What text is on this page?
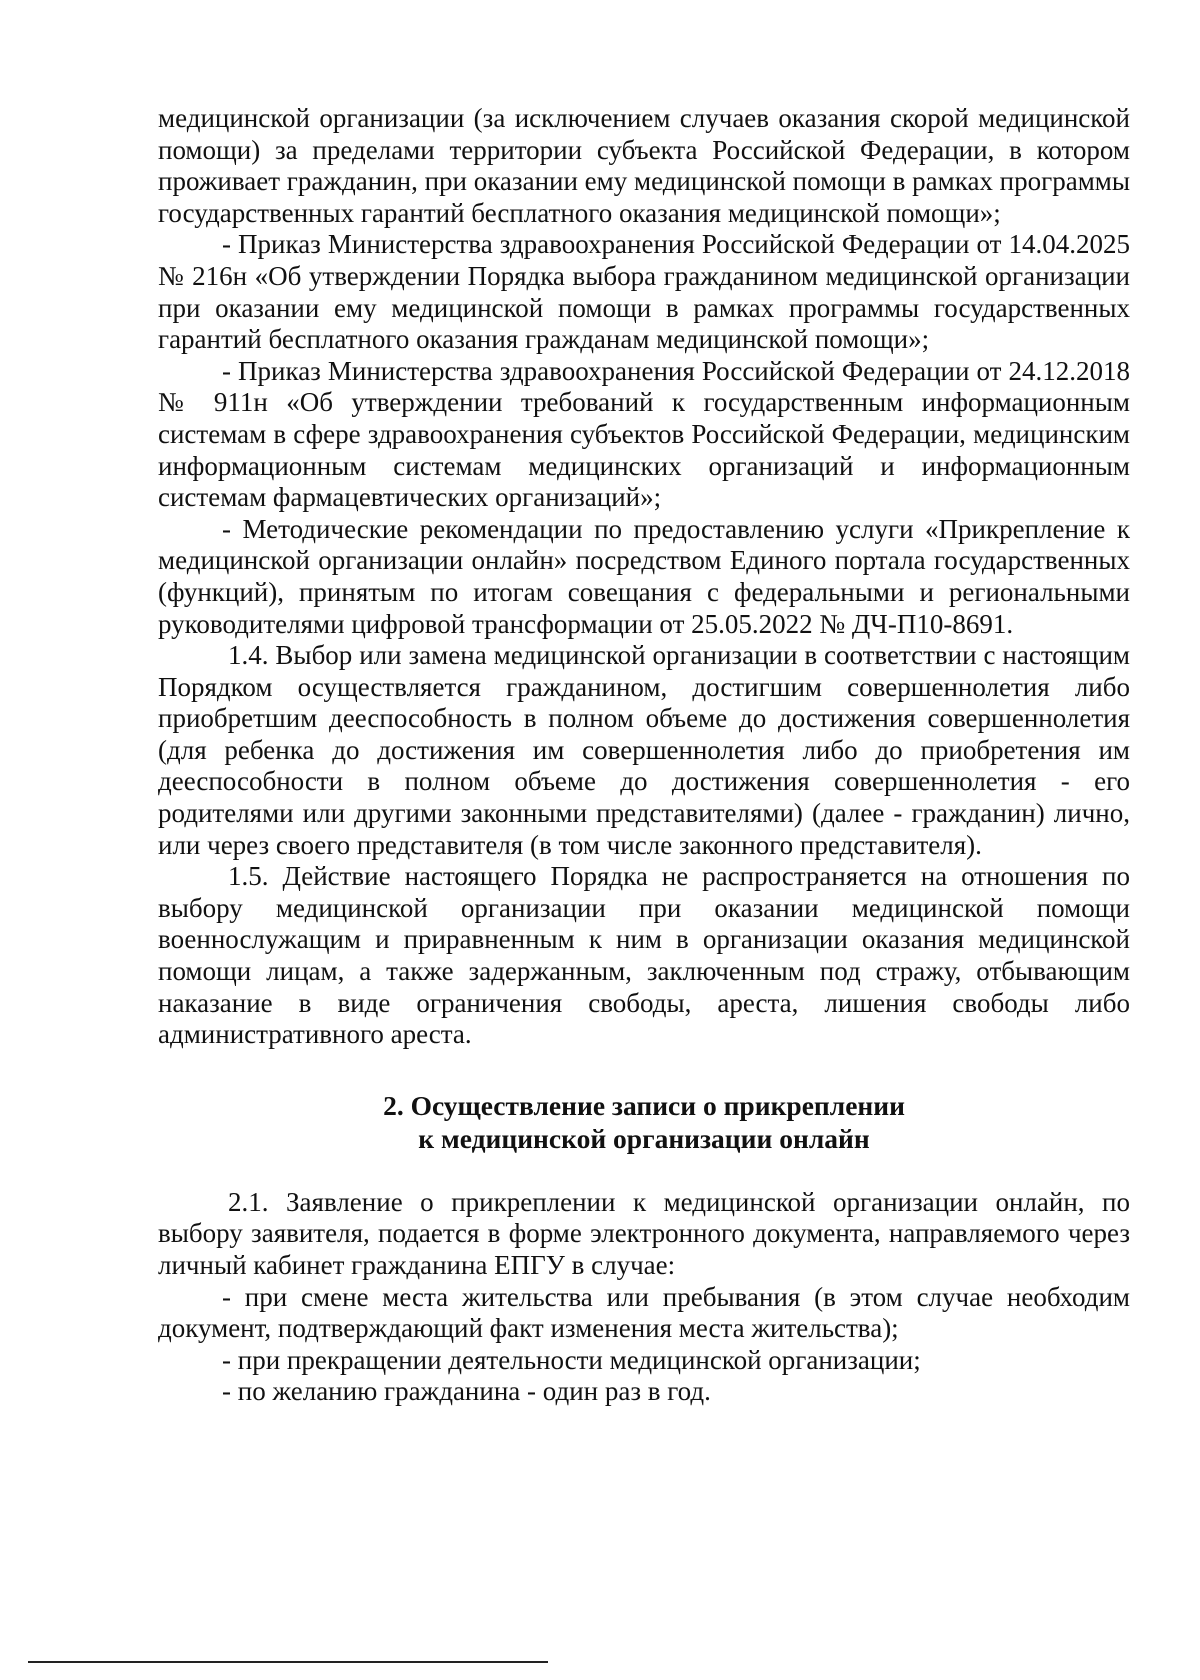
медицинской организации (за исключением случаев оказания скорой медицинской помощи) за пределами территории субъекта Российской Федерации, в котором проживает гражданин, при оказании ему медицинской помощи в рамках программы государственных гарантий бесплатного оказания медицинской помощи»;

- Приказ Министерства здравоохранения Российской Федерации от 14.04.2025 № 216н «Об утверждении Порядка выбора гражданином медицинской организации при оказании ему медицинской помощи в рамках программы государственных гарантий бесплатного оказания гражданам медицинской помощи»;

- Приказ Министерства здравоохранения Российской Федерации от 24.12.2018 № 911н «Об утверждении требований к государственным информационным системам в сфере здравоохранения субъектов Российской Федерации, медицинским информационным системам медицинских организаций и информационным системам фармацевтических организаций»;

- Методические рекомендации по предоставлению услуги «Прикрепление к медицинской организации онлайн» посредством Единого портала государственных (функций), принятым по итогам совещания с федеральными и региональными руководителями цифровой трансформации от 25.05.2022 № ДЧ-П10-8691.

1.4. Выбор или замена медицинской организации в соответствии с настоящим Порядком осуществляется гражданином, достигшим совершеннолетия либо приобретшим дееспособность в полном объеме до достижения совершеннолетия (для ребенка до достижения им совершеннолетия либо до приобретения им дееспособности в полном объеме до достижения совершеннолетия - его родителями или другими законными представителями) (далее - гражданин) лично, или через своего представителя (в том числе законного представителя).

1.5. Действие настоящего Порядка не распространяется на отношения по выбору медицинской организации при оказании медицинской помощи военнослужащим и приравненным к ним в организации оказания медицинской помощи лицам, а также задержанным, заключенным под стражу, отбывающим наказание в виде ограничения свободы, ареста, лишения свободы либо административного ареста.

2. Осуществление записи о прикреплении
к медицинской организации онлайн

2.1. Заявление о прикреплении к медицинской организации онлайн, по выбору заявителя, подается в форме электронного документа, направляемого через личный кабинет гражданина ЕПГУ в случае:

- при смене места жительства или пребывания (в этом случае необходим документ, подтверждающий факт изменения места жительства);

- при прекращении деятельности медицинской организации;

- по желанию гражданина - один раз в год.
